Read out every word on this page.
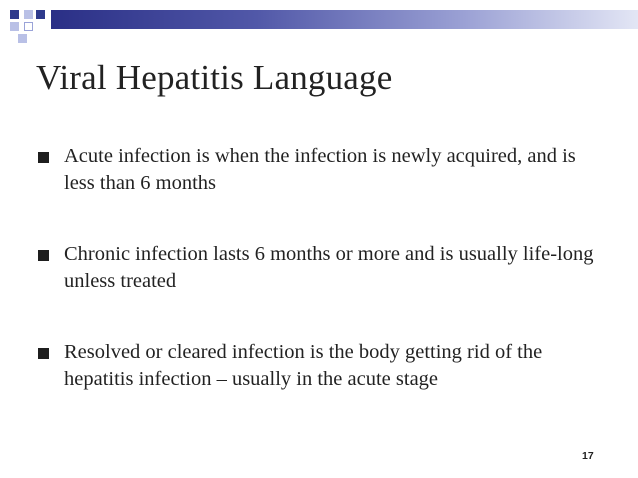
Viral Hepatitis Language
Acute infection is when the infection is newly acquired, and is less than 6 months
Chronic infection lasts 6 months or more and is usually life-long unless treated
Resolved or cleared infection is the body getting rid of the hepatitis infection – usually in the acute stage
17
